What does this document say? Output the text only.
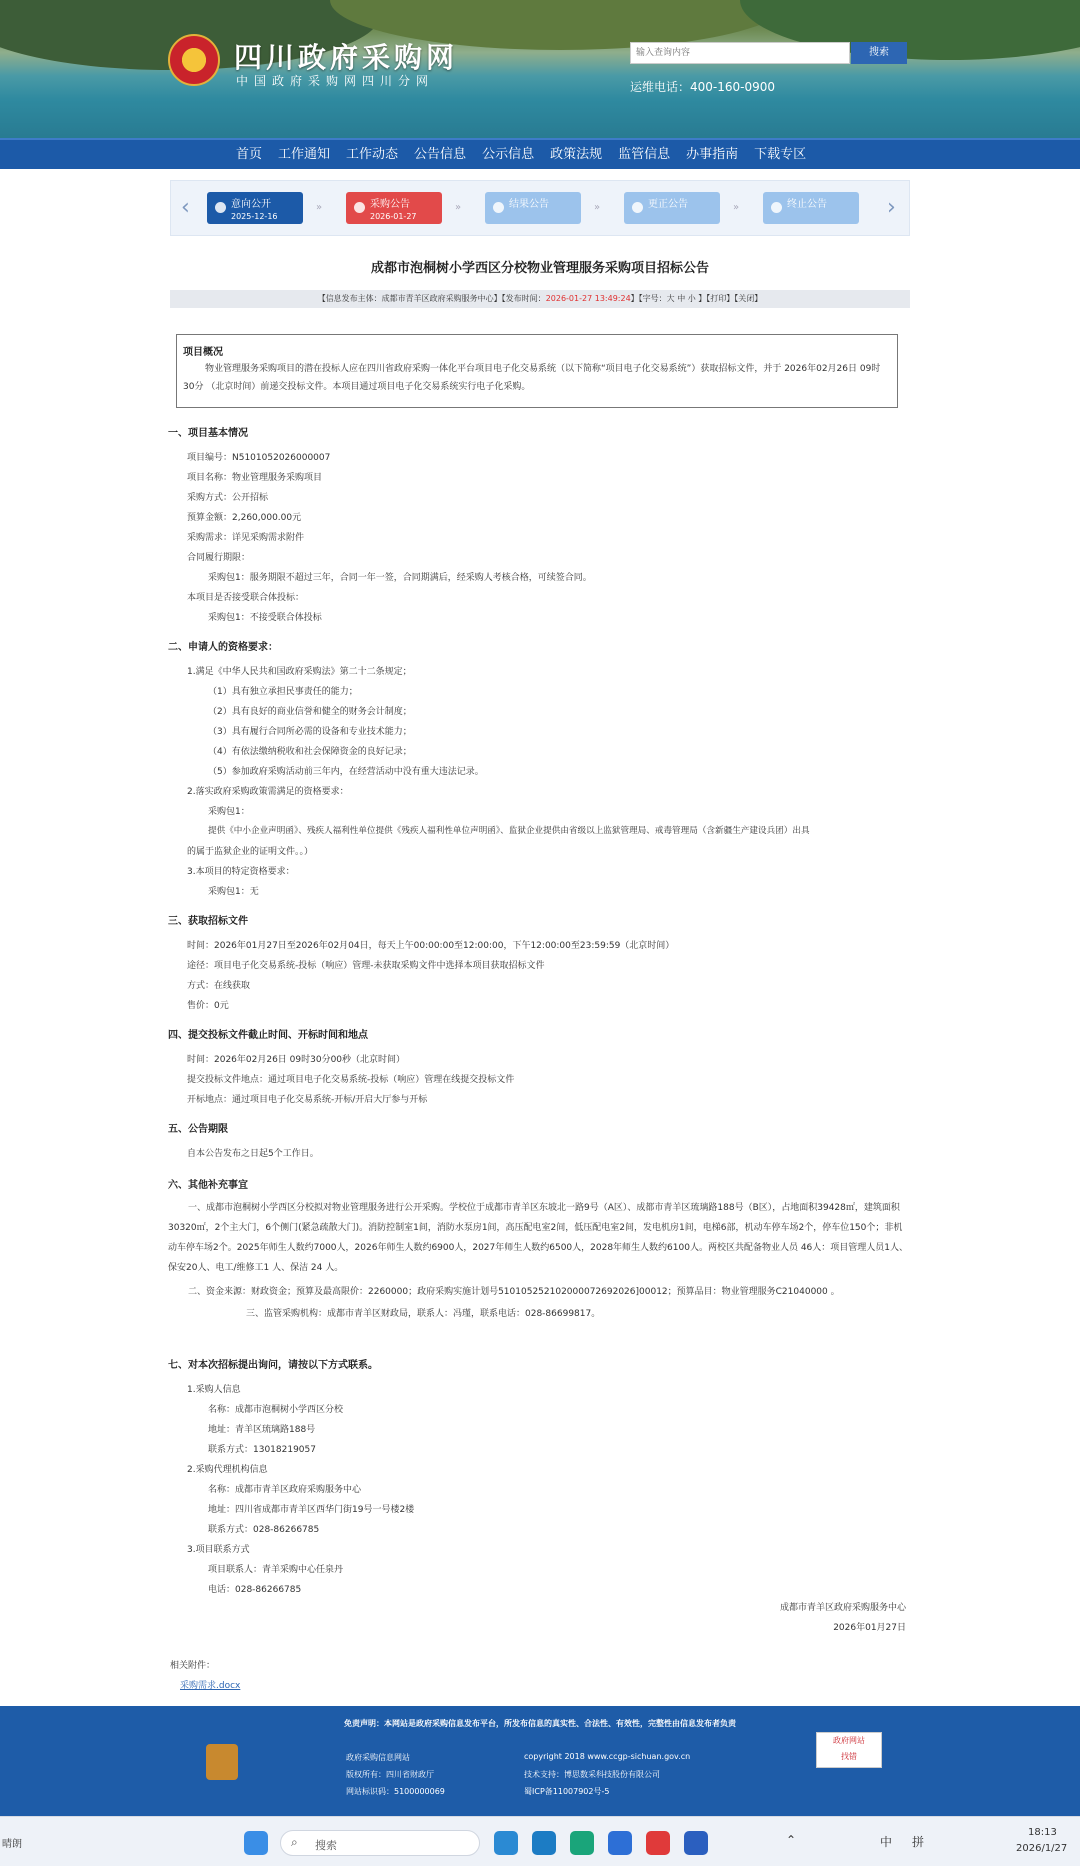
四川政府采购网
中国政府采购网四川分网
输入查询内容
搜索
运维电话：400-160-0900
首页 工作通知 工作动态 公告信息 公示信息 政策法规 监管信息 办事指南 下载专区
‹	意向公开
2025-12-16
»	采购公告
2026-01-27
»	结果公告	»	更正公告	»	终止公告	›
成都市泡桐树小学西区分校物业管理服务采购项目招标公告
【信息发布主体：成都市青羊区政府采购服务中心】【发布时间：2026-01-27 13:49:24】【字号：大 中 小 】【打印】【关闭】
项目概况
物业管理服务采购项目的潜在投标人应在四川省政府采购一体化平台项目电子化交易系统（以下简称“项目电子化交易系统”）获取招标文件，并于 2026年02月26日 09时30分 （北京时间）前递交投标文件。本项目通过项目电子化交易系统实行电子化采购。
一、项目基本情况
项目编号：N5101052026000007
项目名称：物业管理服务采购项目
采购方式：公开招标
预算金额：2,260,000.00元
采购需求：详见采购需求附件
合同履行期限：
采购包1：服务期限不超过三年，合同一年一签，合同期满后，经采购人考核合格，可续签合同。
本项目是否接受联合体投标：
采购包1：不接受联合体投标
二、申请人的资格要求：
1.满足《中华人民共和国政府采购法》第二十二条规定；
（1）具有独立承担民事责任的能力；
（2）具有良好的商业信誉和健全的财务会计制度；
（3）具有履行合同所必需的设备和专业技术能力；
（4）有依法缴纳税收和社会保障资金的良好记录；
（5）参加政府采购活动前三年内，在经营活动中没有重大违法记录。
2.落实政府采购政策需满足的资格要求：
采购包1：
提供《中小企业声明函》、残疾人福利性单位提供《残疾人福利性单位声明函》、监狱企业提供由省级以上监狱管理局、戒毒管理局（含新疆生产建设兵团）出具
的属于监狱企业的证明文件。。）
3.本项目的特定资格要求：
采购包1：无
三、获取招标文件
时间：2026年01月27日至2026年02月04日，每天上午00:00:00至12:00:00，下午12:00:00至23:59:59（北京时间）
途径：项目电子化交易系统-投标（响应）管理-未获取采购文件中选择本项目获取招标文件
方式：在线获取
售价：0元
四、提交投标文件截止时间、开标时间和地点
时间：2026年02月26日 09时30分00秒（北京时间）
提交投标文件地点：通过项目电子化交易系统-投标（响应）管理在线提交投标文件
开标地点：通过项目电子化交易系统-开标/开启大厅参与开标
五、公告期限
自本公告发布之日起5个工作日。
六、其他补充事宜
一、成都市泡桐树小学西区分校拟对物业管理服务进行公开采购。学校位于成都市青羊区东坡北一路9号（A区）、成都市青羊区琉璃路188号（B区），占地面积39428㎡，建筑面积30320㎡，2个主大门，6个侧门(紧急疏散大门)。消防控制室1间，消防水泵房1间，高压配电室2间，低压配电室2间，发电机房1间，电梯6部，机动车停车场2个，停车位150个；非机动车停车场2个。2025年师生人数约7000人，2026年师生人数约6900人，2027年师生人数约6500人，2028年师生人数约6100人。两校区共配备物业人员 46人：项目管理人员1人、保安20人、电工/维修工1 人、保洁 24 人。
二、资金来源：财政资金；预算及最高限价：2260000；政府采购实施计划号510105252102000072692026]00012；预算品目：物业管理服务C21040000 。
三、监管采购机构：成都市青羊区财政局，联系人：冯瑾，联系电话：028-86699817。
七、对本次招标提出询问，请按以下方式联系。
1.采购人信息
名称：成都市泡桐树小学西区分校
地址：青羊区琉璃路188号
联系方式：13018219057
2.采购代理机构信息
名称：成都市青羊区政府采购服务中心
地址：四川省成都市青羊区西华门街19号一号楼2楼
联系方式：028-86266785
3.项目联系方式
项目联系人：青羊采购中心任泉丹
电话：028-86266785
成都市青羊区政府采购服务中心
2026年01月27日
相关附件：
采购需求.docx
免责声明：本网站是政府采购信息发布平台，所发布信息的真实性、合法性、有效性，完整性由信息发布者负责
政府采购信息网站	copyright 2018 www.ccgp-sichuan.gov.cn
版权所有：四川省财政厅	技术支持：博思数采科技股份有限公司
网站标识码：5100000069	蜀ICP备11007902号-5
政府网站
找错
晴朗	⌕ 搜索	⌃	中 拼
18:13
2026/1/27
